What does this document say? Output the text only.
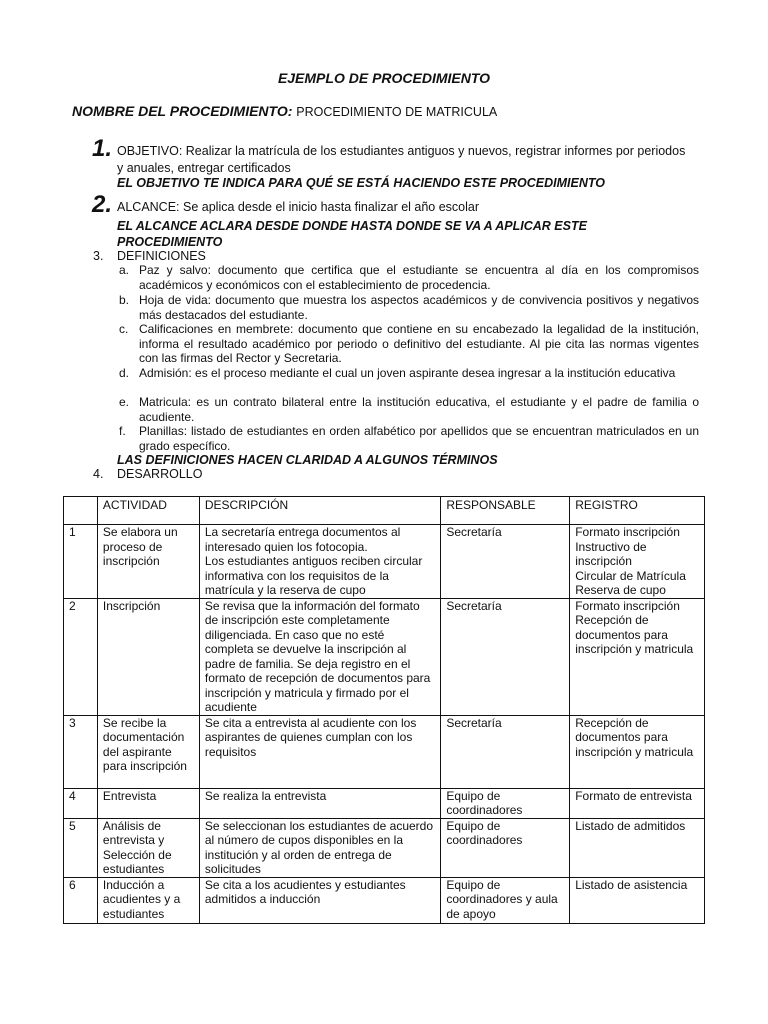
EJEMPLO DE PROCEDIMIENTO
NOMBRE DEL PROCEDIMIENTO: PROCEDIMIENTO DE MATRICULA
1. OBJETIVO: Realizar la matrícula de los estudiantes antiguos y nuevos, registrar informes por periodos
y anuales, entregar certificados
EL OBJETIVO TE INDICA PARA QUÉ SE ESTÁ HACIENDO ESTE PROCEDIMIENTO
2. ALCANCE: Se aplica desde el inicio hasta finalizar el año escolar
EL ALCANCE ACLARA DESDE DONDE HASTA DONDE SE VA A APLICAR ESTE
PROCEDIMIENTO
3. DEFINICIONES
a. Paz y salvo: documento que certifica que el estudiante se encuentra al día en los compromisos académicos y económicos con el establecimiento de procedencia.
b. Hoja de vida: documento que muestra los aspectos académicos y de convivencia positivos y negativos más destacados del estudiante.
c. Calificaciones en membrete: documento que contiene en su encabezado la legalidad de la institución, informa el resultado académico por periodo o definitivo del estudiante. Al pie cita las normas vigentes con las firmas del Rector y Secretaria.
d. Admisión: es el proceso mediante el cual un joven aspirante desea ingresar a la institución educativa
e. Matricula: es un contrato bilateral entre la institución educativa, el estudiante y el padre de familia o acudiente.
f. Planillas: listado de estudiantes en orden alfabético por apellidos que se encuentran matriculados en un grado específico.
LAS DEFINICIONES HACEN CLARIDAD A ALGUNOS TÉRMINOS
4. DESARROLLO
	ACTIVIDAD	DESCRIPCIÓN	RESPONSABLE	REGISTRO
1	Se elabora un proceso de inscripción	La secretaría entrega documentos al interesado quien los fotocopia.
Los estudiantes antiguos reciben circular informativa con los requisitos de la matrícula y la reserva de cupo	Secretaría	Formato inscripción
Instructivo de inscripción
Circular de Matrícula
Reserva de cupo
2	Inscripción	Se revisa que la información del formato de inscripción este completamente diligenciada. En caso que no esté completa se devuelve la inscripción al padre de familia. Se deja registro en el formato de recepción de documentos para inscripción y matricula y firmado por el acudiente	Secretaría	Formato inscripción
Recepción de documentos para inscripción y matricula
3	Se recibe la documentación del aspirante para inscripción	Se cita a entrevista al acudiente con los aspirantes de quienes cumplan con los requisitos	Secretaría	Recepción de documentos para inscripción y matricula
4	Entrevista	Se realiza la entrevista	Equipo de coordinadores	Formato de entrevista
5	Análisis de entrevista y Selección de estudiantes	Se seleccionan los estudiantes de acuerdo al número de cupos disponibles en la institución y al orden de entrega de solicitudes	Equipo de coordinadores	Listado de admitidos
6	Inducción a acudientes y a estudiantes	Se cita a los acudientes y estudiantes admitidos a inducción	Equipo de coordinadores y aula de apoyo	Listado de asistencia
